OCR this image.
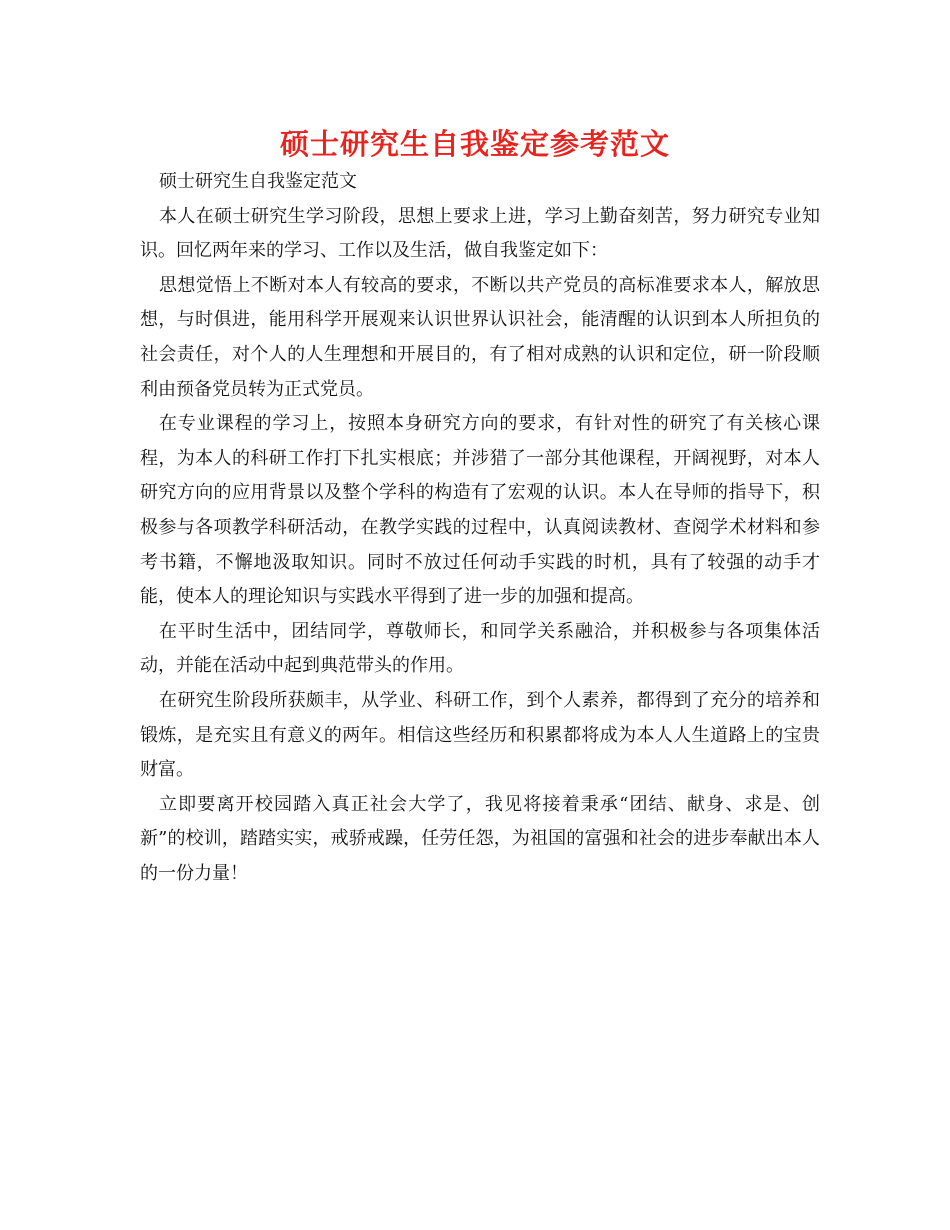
硕士研究生自我鉴定参考范文

硕士研究生自我鉴定范文

本人在硕士研究生学习阶段，思想上要求上进，学习上勤奋刻苦，努力研究专业知识。回忆两年来的学习、工作以及生活，做自我鉴定如下：

思想觉悟上不断对本人有较高的要求，不断以共产党员的高标准要求本人，解放思想，与时俱进，能用科学开展观来认识世界认识社会，能清醒的认识到本人所担负的社会责任，对个人的人生理想和开展目的，有了相对成熟的认识和定位，研一阶段顺利由预备党员转为正式党员。

在专业课程的学习上，按照本身研究方向的要求，有针对性的研究了有关核心课程，为本人的科研工作打下扎实根底；并涉猎了一部分其他课程，开阔视野，对本人研究方向的应用背景以及整个学科的构造有了宏观的认识。本人在导师的指导下，积极参与各项教学科研活动，在教学实践的过程中，认真阅读教材、查阅学术材料和参考书籍，不懈地汲取知识。同时不放过任何动手实践的时机，具有了较强的动手才能，使本人的理论知识与实践水平得到了进一步的加强和提高。

在平时生活中，团结同学，尊敬师长，和同学关系融洽，并积极参与各项集体活动，并能在活动中起到典范带头的作用。

在研究生阶段所获颇丰，从学业、科研工作，到个人素养，都得到了充分的培养和锻炼，是充实且有意义的两年。相信这些经历和积累都将成为本人人生道路上的宝贵财富。

立即要离开校园踏入真正社会大学了，我见将接着秉承“团结、献身、求是、创新”的校训，踏踏实实，戒骄戒躁，任劳任怨，为祖国的富强和社会的进步奉献出本人的一份力量！
